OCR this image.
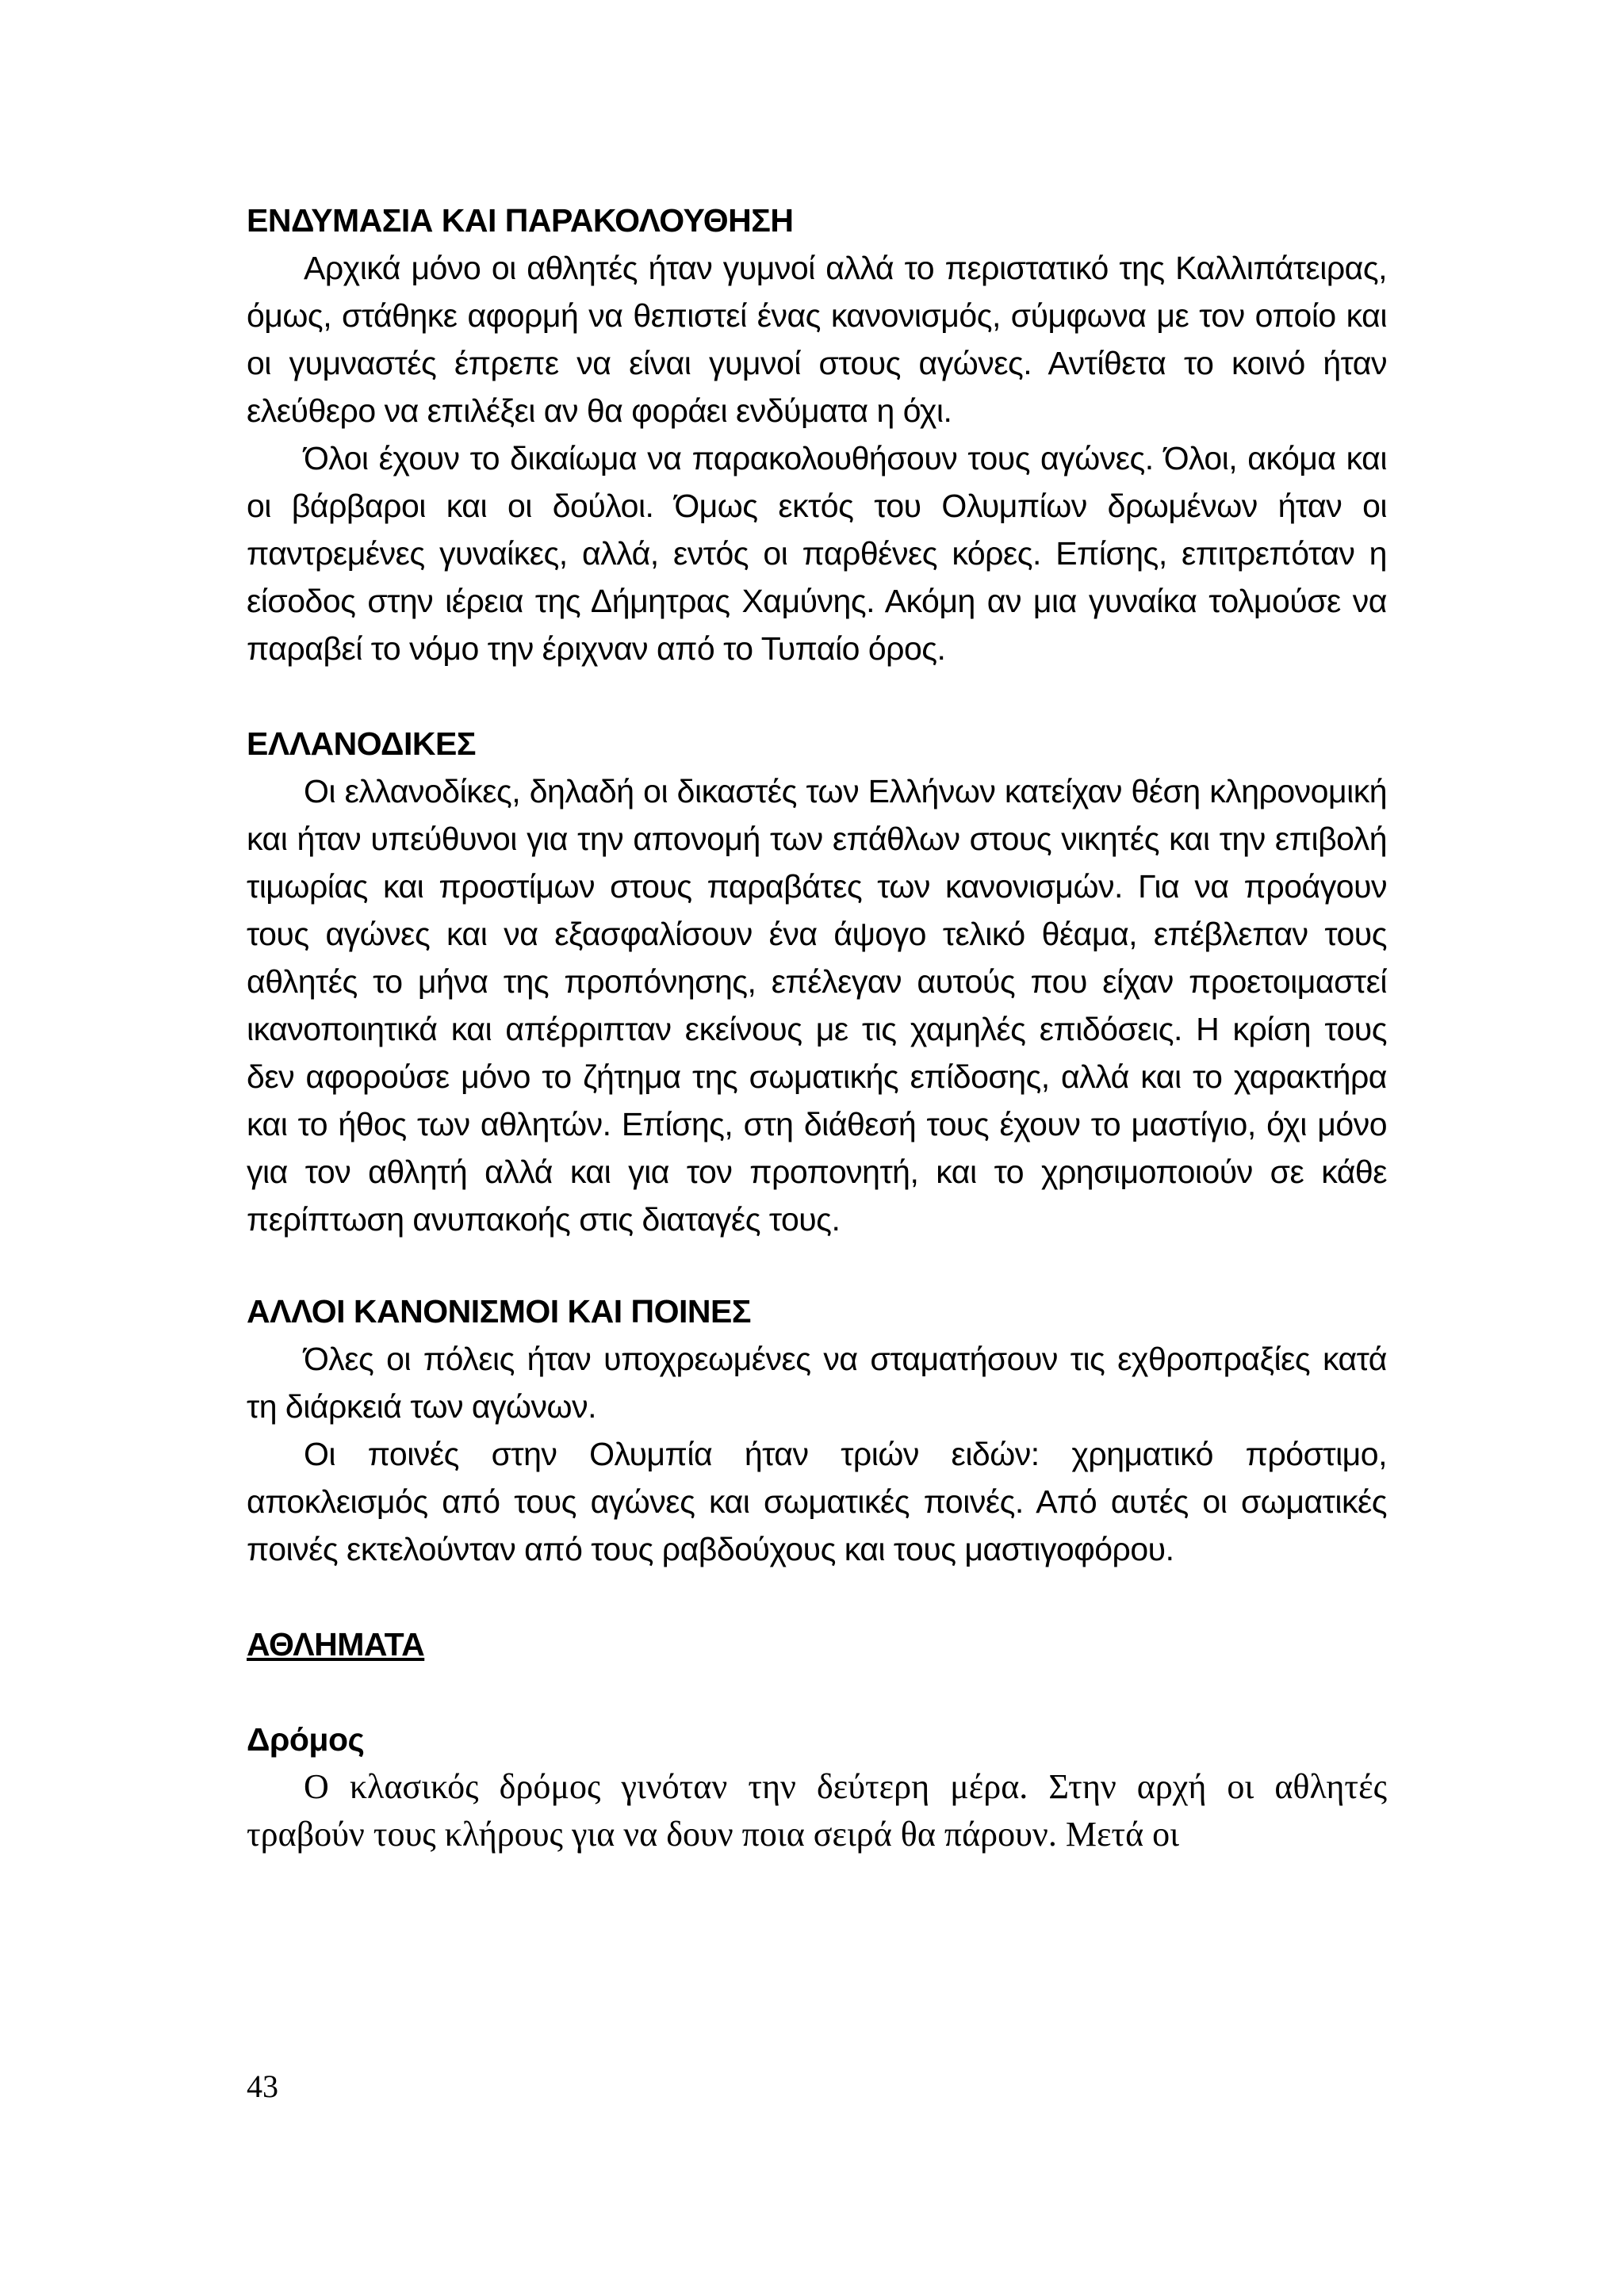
ΕΝΔΥΜΑΣΙΑ ΚΑΙ ΠΑΡΑΚΟΛΟΥΘΗΣΗ

Αρχικά μόνο οι αθλητές ήταν γυμνοί αλλά το περιστατικό της Καλλιπάτειρας, όμως, στάθηκε αφορμή να θεπιστεί ένας κανονισμός, σύμφωνα με τον οποίο και οι γυμναστές έπρεπε να είναι γυμνοί στους αγώνες. Αντίθετα το κοινό ήταν ελεύθερο να επιλέξει αν θα φοράει ενδύματα η όχι.

Όλοι έχουν το δικαίωμα να παρακολουθήσουν τους αγώνες. Όλοι, ακόμα και οι βάρβαροι και οι δούλοι. Όμως εκτός του Ολυμπίων δρωμένων ήταν οι παντρεμένες γυναίκες, αλλά, εντός οι παρθένες κόρες. Επίσης, επιτρεπόταν η είσοδος στην ιέρεια της Δήμητρας Χαμύνης. Ακόμη αν μια γυναίκα τολμούσε να παραβεί το νόμο την έριχναν από το Τυπαίο όρος.

ΕΛΛΑΝΟΔΙΚΕΣ

Οι ελλανοδίκες, δηλαδή οι δικαστές των Ελλήνων κατείχαν θέση κληρονομική και ήταν υπεύθυνοι για την απονομή των επάθλων στους νικητές και την επιβολή τιμωρίας και προστίμων στους παραβάτες των κανονισμών. Για να προάγουν τους αγώνες και να εξασφαλίσουν ένα άψογο τελικό θέαμα, επέβλεπαν τους αθλητές το μήνα της προπόνησης, επέλεγαν αυτούς που είχαν προετοιμαστεί ικανοποιητικά και απέρριπταν εκείνους με τις χαμηλές επιδόσεις. Η κρίση τους δεν αφορούσε μόνο το ζήτημα της σωματικής επίδοσης, αλλά και το χαρακτήρα και το ήθος των αθλητών. Επίσης, στη διάθεσή τους έχουν το μαστίγιο, όχι μόνο για τον αθλητή αλλά και για τον προπονητή, και το χρησιμοποιούν σε κάθε περίπτωση ανυπακοής στις διαταγές τους.

ΑΛΛΟΙ ΚΑΝΟΝΙΣΜΟΙ ΚΑΙ ΠΟΙΝΕΣ

Όλες οι πόλεις ήταν υποχρεωμένες να σταματήσουν τις εχθροπραξίες κατά τη διάρκειά των αγώνων.

Οι ποινές στην Ολυμπία ήταν τριών ειδών: χρηματικό πρόστιμο, αποκλεισμός από τους αγώνες και σωματικές ποινές. Από αυτές οι σωματικές ποινές εκτελούνταν από τους ραβδούχους και τους μαστιγοφόρου.

ΑΘΛΗΜΑΤΑ
Δρόμος

Ο κλασικός δρόμος γινόταν την δεύτερη μέρα. Στην αρχή οι αθλητές τραβούν τους κλήρους για να δουν ποια σειρά θα πάρουν. Μετά οι

43
